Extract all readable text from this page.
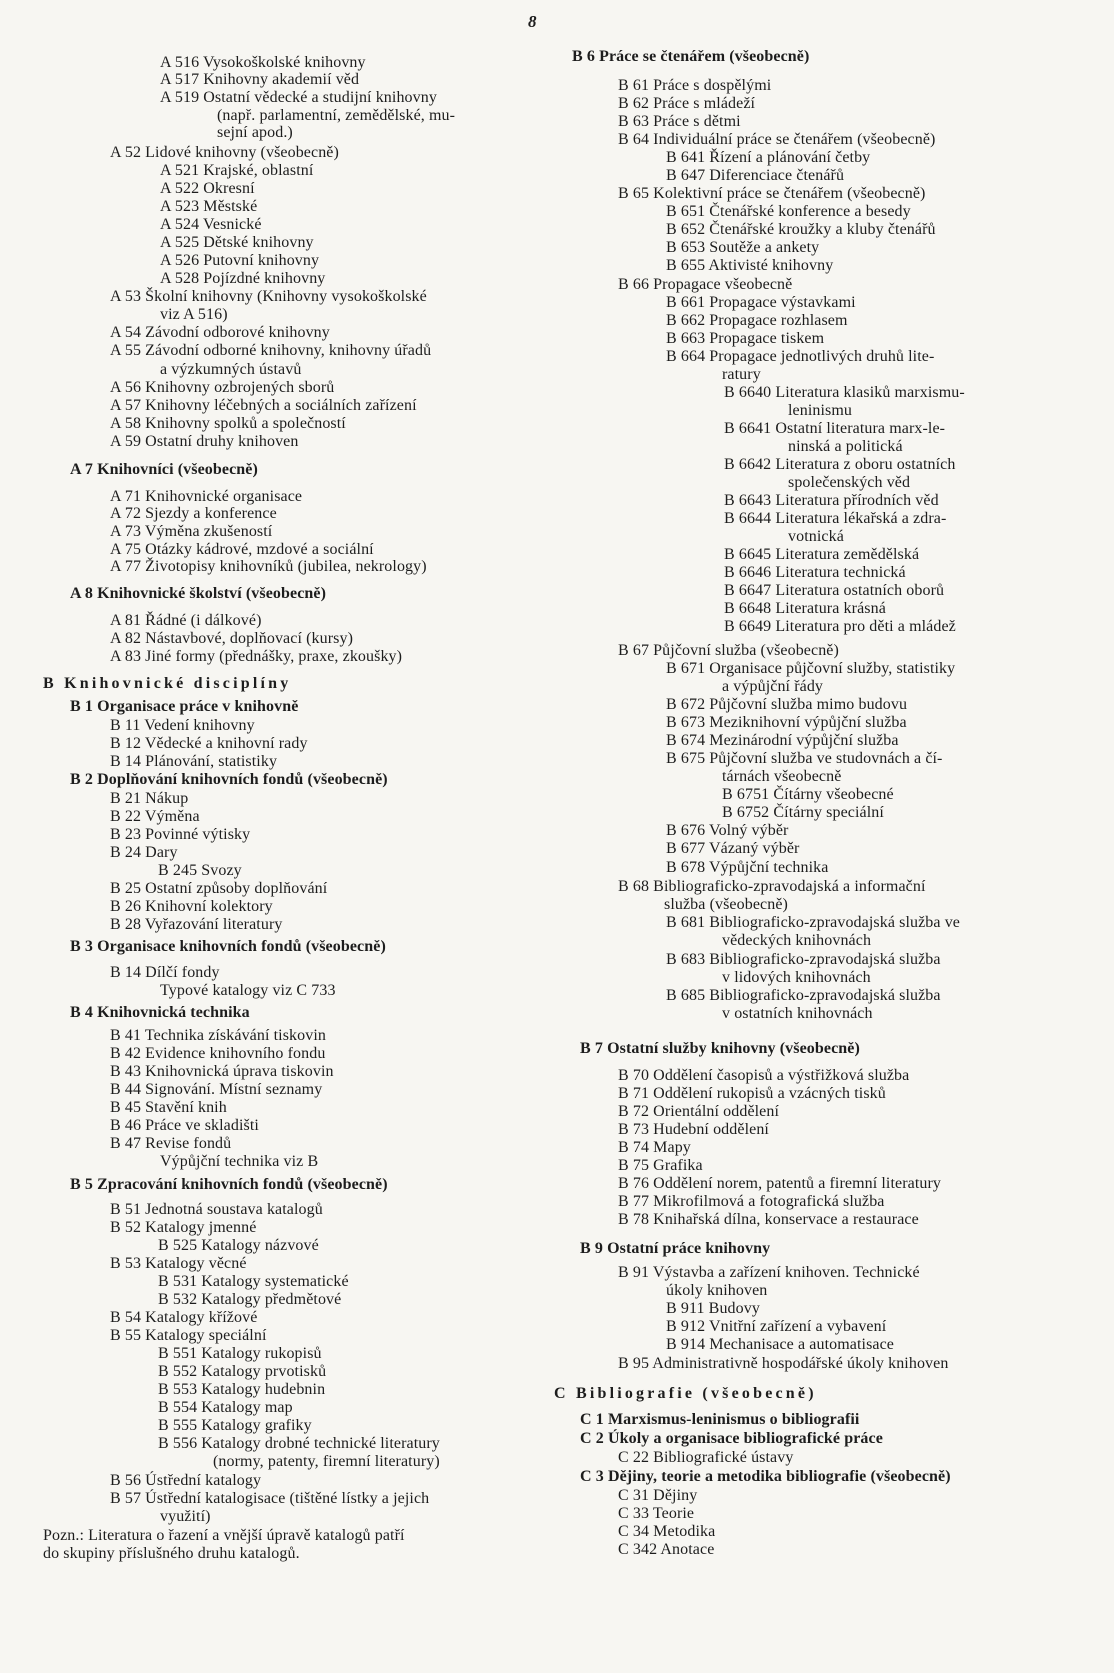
8
A 516 Vysokoškolské knihovny
A 517 Knihovny akademií věd
A 519 Ostatní vědecké a studijní knihovny
(např. parlamentní, zemědělské, mu-
sejní apod.)
A 52 Lidové knihovny (všeobecně)
A 521 Krajské, oblastní
A 522 Okresní
A 523 Městské
A 524 Vesnické
A 525 Dětské knihovny
A 526 Putovní knihovny
A 528 Pojízdné knihovny
A 53 Školní knihovny (Knihovny vysokoškolské
viz A 516)
A 54 Závodní odborové knihovny
A 55 Závodní odborné knihovny, knihovny úřadů
a výzkumných ústavů
A 56 Knihovny ozbrojených sborů
A 57 Knihovny léčebných a sociálních zařízení
A 58 Knihovny spolků a společností
A 59 Ostatní druhy knihoven
A 7 Knihovníci (všeobecně)
A 71 Knihovnické organisace
A 72 Sjezdy a konference
A 73 Výměna zkušeností
A 75 Otázky kádrové, mzdové a sociální
A 77 Životopisy knihovníků (jubilea, nekrology)
A 8 Knihovnické školství (všeobecně)
A 81 Řádné (i dálkové)
A 82 Nástavbové, doplňovací (kursy)
A 83 Jiné formy (přednášky, praxe, zkoušky)
B Knihovnické disciplíny
B 1 Organisace práce v knihovně
B 11 Vedení knihovny
B 12 Vědecké a knihovní rady
B 14 Plánování, statistiky
B 2 Doplňování knihovních fondů (všeobecně)
B 21 Nákup
B 22 Výměna
B 23 Povinné výtisky
B 24 Dary
B 245 Svozy
B 25 Ostatní způsoby doplňování
B 26 Knihovní kolektory
B 28 Vyřazování literatury
B 3 Organisace knihovních fondů (všeobecně)
B 14 Dílčí fondy
Typové katalogy viz C 733
B 4 Knihovnická technika
B 41 Technika získávání tiskovin
B 42 Evidence knihovního fondu
B 43 Knihovnická úprava tiskovin
B 44 Signování. Místní seznamy
B 45 Stavění knih
B 46 Práce ve skladišti
B 47 Revise fondů
Výpůjční technika viz B
B 5 Zpracování knihovních fondů (všeobecně)
B 51 Jednotná soustava katalogů
B 52 Katalogy jmenné
B 525 Katalogy názvové
B 53 Katalogy věcné
B 531 Katalogy systematické
B 532 Katalogy předmětové
B 54 Katalogy křížové
B 55 Katalogy speciální
B 551 Katalogy rukopisů
B 552 Katalogy prvotisků
B 553 Katalogy hudebnin
B 554 Katalogy map
B 555 Katalogy grafiky
B 556 Katalogy drobné technické literatury
(normy, patenty, firemní literatury)
B 56 Ústřední katalogy
B 57 Ústřední katalogisace (tištěné lístky a jejich
využití)
Pozn.: Literatura o řazení a vnější úpravě katalogů patří
do skupiny příslušného druhu katalogů.
B 6 Práce se čtenářem (všeobecně)
B 61 Práce s dospělými
B 62 Práce s mládeží
B 63 Práce s dětmi
B 64 Individuální práce se čtenářem (všeobecně)
B 641 Řízení a plánování četby
B 647 Diferenciace čtenářů
B 65 Kolektivní práce se čtenářem (všeobecně)
B 651 Čtenářské konference a besedy
B 652 Čtenářské kroužky a kluby čtenářů
B 653 Soutěže a ankety
B 655 Aktivisté knihovny
B 66 Propagace všeobecně
B 661 Propagace výstavkami
B 662 Propagace rozhlasem
B 663 Propagace tiskem
B 664 Propagace jednotlivých druhů lite-
ratury
B 6640 Literatura klasiků marxismu-
leninismu
B 6641 Ostatní literatura marx-le-
ninská a politická
B 6642 Literatura z oboru ostatních
společenských věd
B 6643 Literatura přírodních věd
B 6644 Literatura lékařská a zdra-
votnická
B 6645 Literatura zemědělská
B 6646 Literatura technická
B 6647 Literatura ostatních oborů
B 6648 Literatura krásná
B 6649 Literatura pro děti a mládež
B 67 Půjčovní služba (všeobecně)
B 671 Organisace půjčovní služby, statistiky
a výpůjční řády
B 672 Půjčovní služba mimo budovu
B 673 Meziknihovní výpůjční služba
B 674 Mezinárodní výpůjční služba
B 675 Půjčovní služba ve studovnách a čí-
tárnách všeobecně
B 6751 Čítárny všeobecné
B 6752 Čítárny speciální
B 676 Volný výběr
B 677 Vázaný výběr
B 678 Výpůjční technika
B 68 Bibliograficko-zpravodajská a informační
služba (všeobecně)
B 681 Bibliograficko-zpravodajská služba ve
vědeckých knihovnách
B 683 Bibliograficko-zpravodajská služba
v lidových knihovnách
B 685 Bibliograficko-zpravodajská služba
v ostatních knihovnách
B 7 Ostatní služby knihovny (všeobecně)
B 70 Oddělení časopisů a výstřižková služba
B 71 Oddělení rukopisů a vzácných tisků
B 72 Orientální oddělení
B 73 Hudební oddělení
B 74 Mapy
B 75 Grafika
B 76 Oddělení norem, patentů a firemní literatury
B 77 Mikrofilmová a fotografická služba
B 78 Knihařská dílna, konservace a restaurace
B 9 Ostatní práce knihovny
B 91 Výstavba a zařízení knihoven. Technické
úkoly knihoven
B 911 Budovy
B 912 Vnitřní zařízení a vybavení
B 914 Mechanisace a automatisace
B 95 Administrativně hospodářské úkoly knihoven
C Bibliografie (všeobecně)
C 1 Marxismus-leninismus o bibliografii
C 2 Úkoly a organisace bibliografické práce
C 22 Bibliografické ústavy
C 3 Dějiny, teorie a metodika bibliografie (všeobecně)
C 31 Dějiny
C 33 Teorie
C 34 Metodika
C 342 Anotace
